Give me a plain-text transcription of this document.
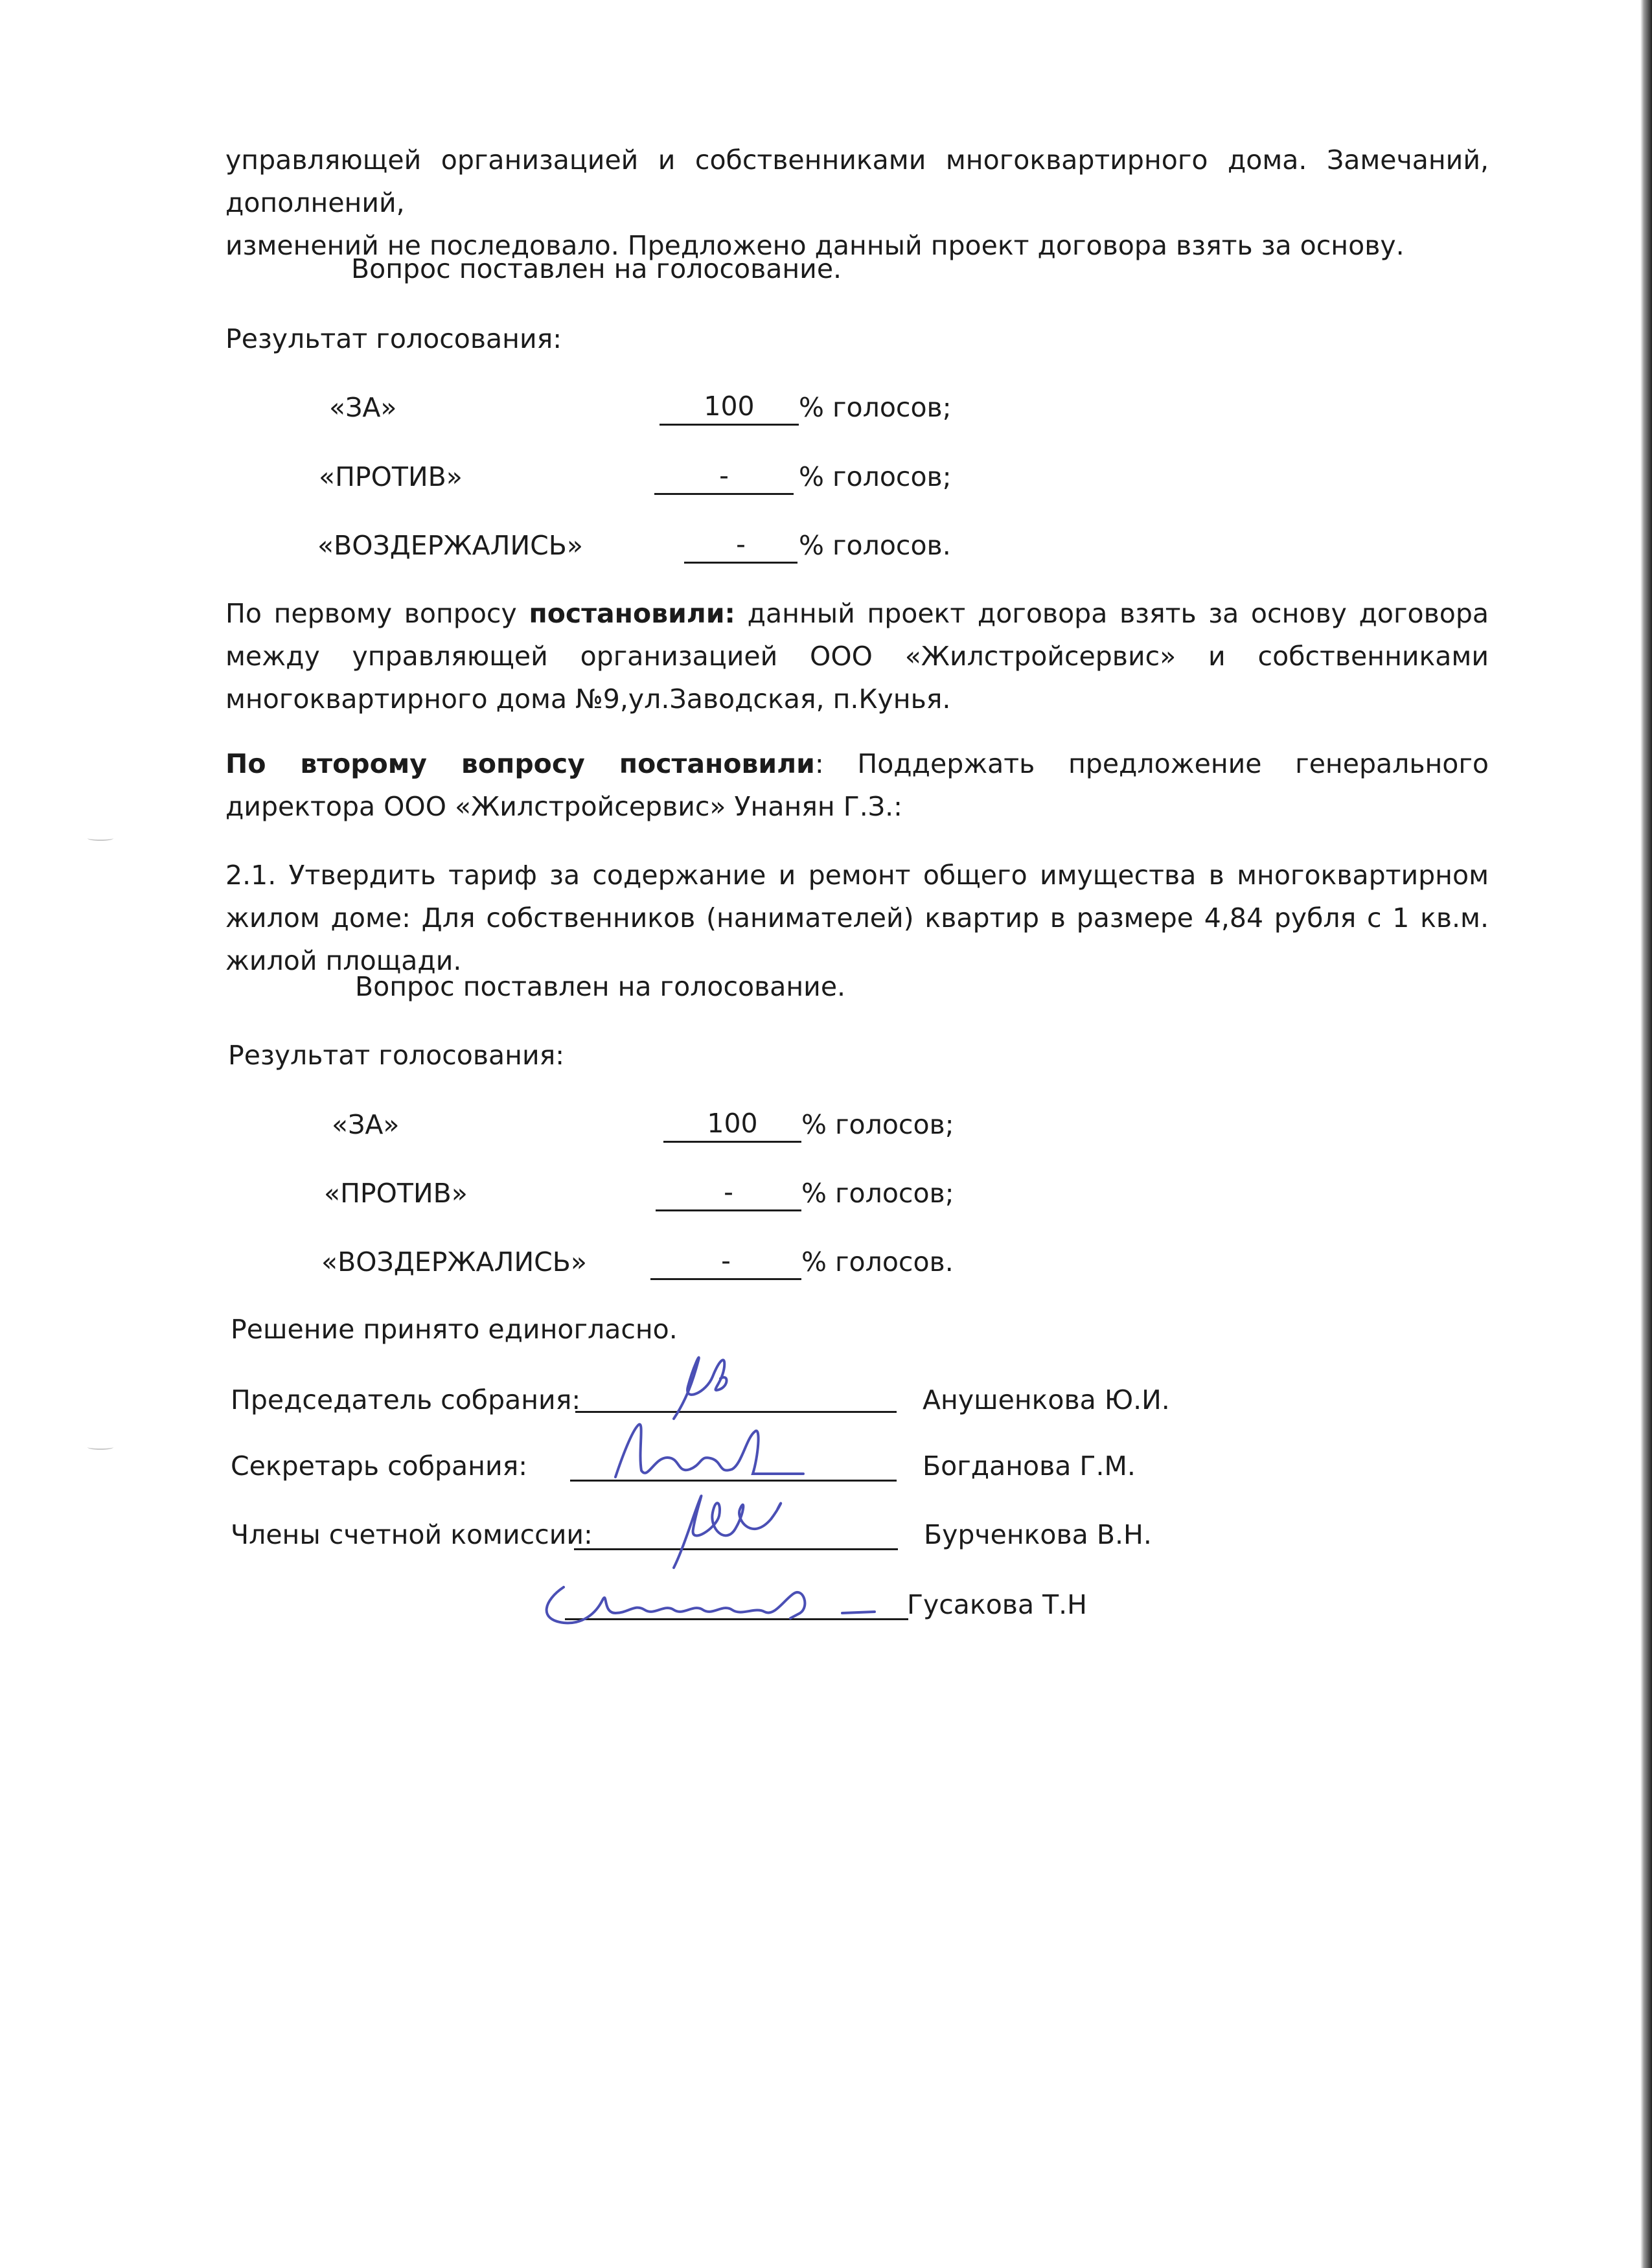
управляющей организацией и собственниками многоквартирного дома. Замечаний, дополнений,

изменений не последовало. Предложено данный проект договора взять за основу.

Вопрос поставлен на голосование.
Результат голосования:
«ЗА»	100	% голосов;
«ПРОТИВ»	-	% голосов;
«ВОЗДЕРЖАЛИСЬ»	-	% голосов.

По первому вопросу постановили: данный проект договора взять за основу договора между управляющей организацией ООО «Жилстройсервис» и собственниками многоквартирного дома №9,ул.Заводская, п.Кунья.

По второму вопросу постановили: Поддержать предложение генерального директора ООО «Жилстройсервис» Унанян Г.З.:

2.1. Утвердить тариф за содержание и ремонт общего имущества в многоквартирном жилом доме: Для собственников (нанимателей) квартир в размере 4,84 рубля с 1 кв.м. жилой площади.

Вопрос поставлен на голосование.
Результат голосования:
«ЗА»	100	% голосов;
«ПРОТИВ»	-	% голосов;
«ВОЗДЕРЖАЛИСЬ»	-	% голосов.
Решение принято единогласно.
Председатель собрания:	Анушенкова Ю.И.
Секретарь собрания:	Богданова Г.М.
Члены счетной комиссии:	Бурченкова В.Н.
Гусакова Т.Н
